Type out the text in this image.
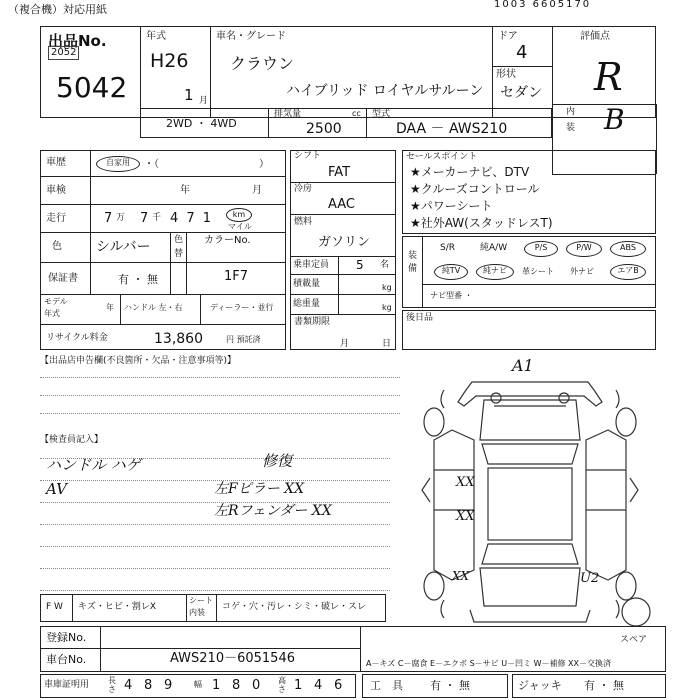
（複合機）対応用紙	1003 6605170
出品No.
2052
5042
年式
H26
1 月
車名・グレード
クラウン
ハイブリッド ロイヤルサルーン
ドア
4
形状
セダン
評価点
R
内
装 B
2WD ・ 4WD
排気量	cc
2500
型式
DAA － AWS210
車歴	自家用	・（　　　　　　　　　　）
車検	年	月
走行	7 万 7 千 4 7 1	km
マイル
色 シルバー	色
替
カラーNo.
1F7
保証書	有 ・ 無
モデル
年式
年 ハンドル 左・右	ディーラー・並行
リサイクル料金	13,860	円 預託済
シフト
FAT
冷房
AAC
燃料
ガソリン
乗車定員 5 名
積載量	kg
総重量	kg
書類期限
月	日
セールスポイント
★メーカーナビ、DTV
★クルーズコントロール
★パワーシート
★社外AW(スタッドレスT)
装備
S/R	純A/W	P/S	P/W	ABS
純TV	純ナビ	革シート 外ナビ	エアB
ナビ型番 ・
後日品
【出品店申告欄(不良箇所・欠品・注意事項等)】
【検査員記入】
ハンドル ハゲ
AV
修復
左Fピラー XX
左Rフェンダー XX
A1
XX
XX
XX	U2
スペア
F W キズ・ヒビ・割レX
シート
内装
コゲ・穴・汚レ・シミ・破レ・スレ
登録No.
車台No.	AWS210－6051546	A－キズ C－腐食 E－エクボ S－サビ U－凹ミ W－補修 XX－交換済
車庫証明用 長さ 4 8 9	幅 1 8 0 高さ 1 4 6	工　具 有 ・ 無	ジャッキ 有 ・ 無
